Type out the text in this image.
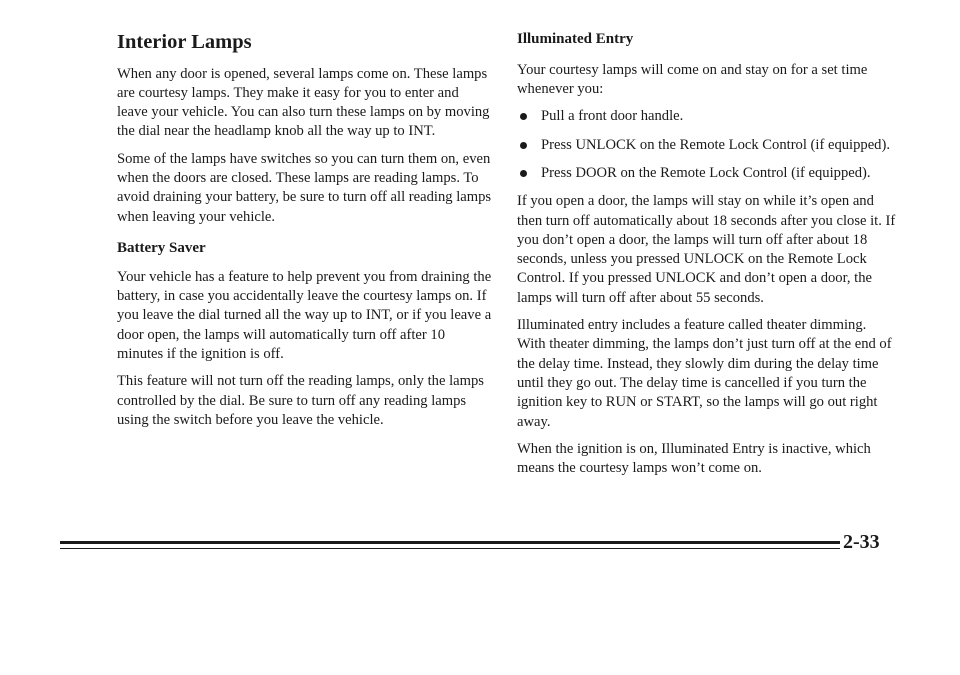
Interior Lamps

When any door is opened, several lamps come on. These lamps are courtesy lamps. They make it easy for you to enter and leave your vehicle. You can also turn these lamps on by moving the dial near the headlamp knob all the way up to INT.

Some of the lamps have switches so you can turn them on, even when the doors are closed. These lamps are reading lamps. To avoid draining your battery, be sure to turn off all reading lamps when leaving your vehicle.

Battery Saver

Your vehicle has a feature to help prevent you from draining the battery, in case you accidentally leave the courtesy lamps on. If you leave the dial turned all the way up to INT, or if you leave a door open, the lamps will automatically turn off after 10 minutes if the ignition is off.

This feature will not turn off the reading lamps, only the lamps controlled by the dial. Be sure to turn off any reading lamps using the switch before you leave the vehicle.

Illuminated Entry

Your courtesy lamps will come on and stay on for a set time whenever you:

Pull a front door handle.
Press UNLOCK on the Remote Lock Control (if equipped).
Press DOOR on the Remote Lock Control (if equipped).

If you open a door, the lamps will stay on while it’s open and then turn off automatically about 18 seconds after you close it. If you don’t open a door, the lamps will turn off after about 18 seconds, unless you pressed UNLOCK on the Remote Lock Control. If you pressed UNLOCK and don’t open a door, the lamps will turn off after about 55 seconds.

Illuminated entry includes a feature called theater dimming. With theater dimming, the lamps don’t just turn off at the end of the delay time. Instead, they slowly dim during the delay time until they go out. The delay time is cancelled if you turn the ignition key to RUN or START, so the lamps will go out right away.

When the ignition is on, Illuminated Entry is inactive, which means the courtesy lamps won’t come on.

2-33
